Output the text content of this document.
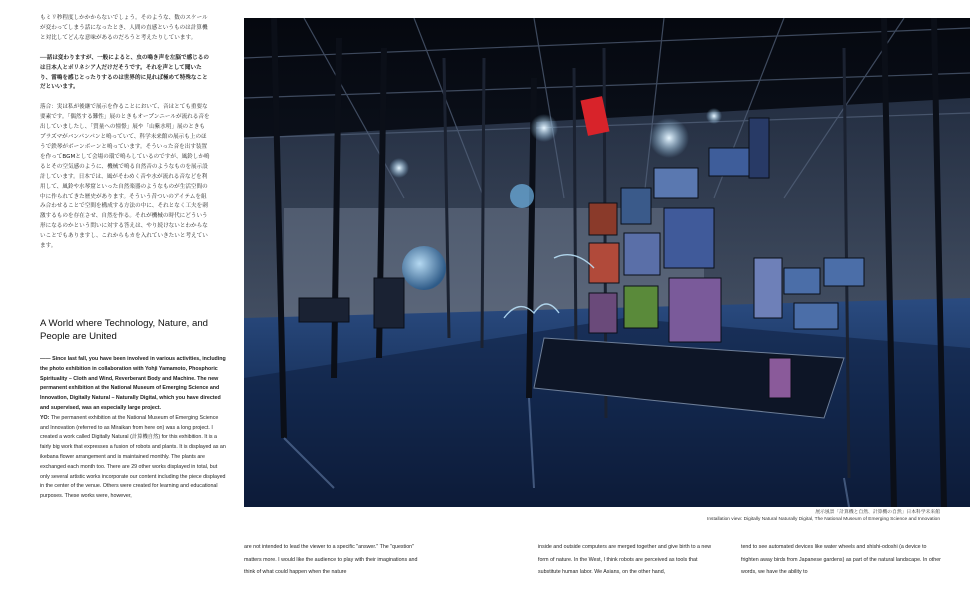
もミリ秒程度しかかからないでしょう。そのような、数のスケールが変わってしまう話になったとき、人間の直感というものは計算機と対比してどんな意味があるのだろうと考えたりしています。

──話は変わりますが、一般によると、虫の鳴き声を左脳で感じるのは日本人とポリネシア人だけだそうです。それを声として聞いたり、雷鳴を感じとったりするのは世界的に見れば極めて特殊なことだといいます。

落合：実は私が後継で展示を作ることにおいて、音はとても重要な要素です。「偶然する難性」展のときもオープンニールが流れる音を出していましたし、「質量への憧憬」展や「山紫水明」展のときもプラズマがバンパンパンと鳴っていて、科学未来館の展示も上のほうで鉄琴がボーンボーンと鳴っています。そういった音を出す装置を作ってBGMとして会場の環で鳴らしているのですが、風鈴しか鳴るとその空気感のように、機械で鳴る自然音のようなものを展示設計しています。日本では、風がそわめく音や水が流れる音などを利用して、風鈴や水琴窟といった自然楽器のようなものが生活空間の中に作られてきた歴史があります。そういう昔ついのアイテムを組み合わせることで空間を構成する方法の中に、それとなく工夫を刺激するものを存在させ、自然を作る。それが機械の時代にどういう形になるのかという問いに対する答えは、やり続けないとわからないことでもありますし、これからもカを入れていきたいと考えています。

A World where Technology, Nature, and People are United

—— Since last fall, you have been involved in various activities, including the photo exhibition in collaboration with Yohji Yamamoto, Phosphoric Spirituality – Cloth and Wind, Reverberant Body and Machine. The new permanent exhibition at the National Museum of Emerging Science and Innovation, Digitally Natural – Naturally Digital, which you have directed and supervised, was an especially large project.

YO: The permanent exhibition at the National Museum of Emerging Science and Innovation (referred to as Miraikan from here on) was a long project. I created a work called Digitally Natural (計算機自然) for this exhibition. It is a fairly big work that expresses a fusion of robots and plants. It is displayed as an ikebana flower arrangement and is maintained monthly. The plants are exchanged each month too. There are 29 other works displayed in total, but only several artistic works incorporate our content including the piece displayed in the center of the venue. Others were created for learning and educational purposes. These works were, however,

展示風景「計算機と自然、計算機の自然」日本科学未来館
Installation view: Digitally Natural Naturally Digital, The National Museum of Emerging Science and Innovation

are not intended to lead the viewer to a specific "answer." The "question" matters more. I would like the audience to play with their imaginations and think of what could happen when the nature

inside and outside computers are merged together and give birth to a new form of nature. In the West, I think robots are perceived as tools that substitute human labor. We Asians, on the other hand,

tend to see automated devices like water wheels and shishi-odoshi (a device to frighten away birds from Japanese gardens) as part of the natural landscape. In other words, we have the ability to
